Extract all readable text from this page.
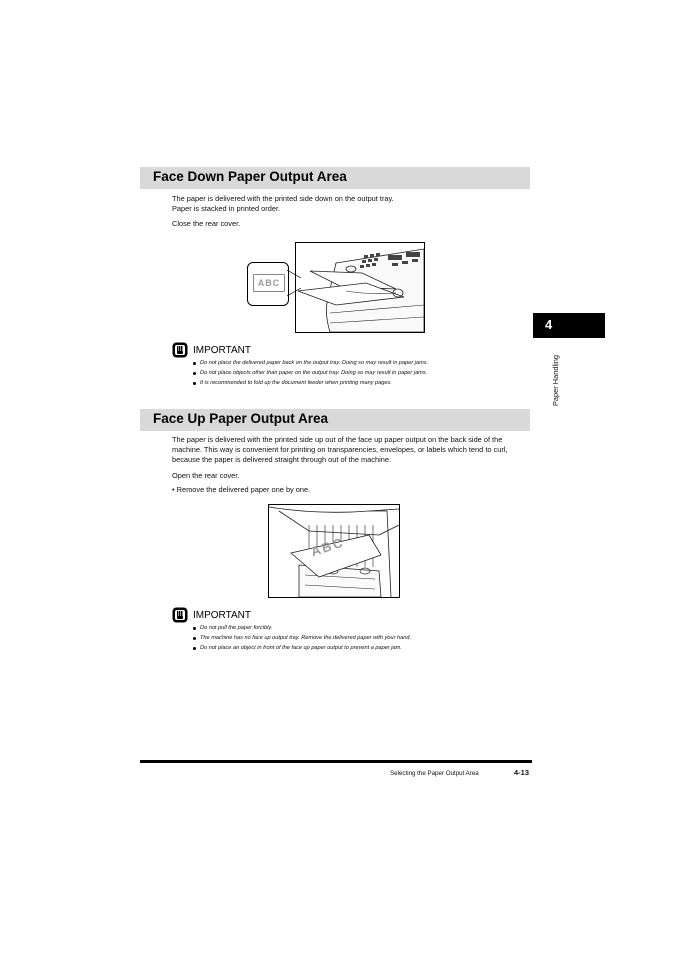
Face Down Paper Output Area
The paper is delivered with the printed side down on the output tray.
Paper is stacked in printed order.
Close the rear cover.
ABC
IMPORTANT
Do not place the delivered paper back on the output tray. Doing so may result in paper jams.
Do not place objects other than paper on the output tray. Doing so may result in paper jams.
It is recommended to fold up the document feeder when printing many pages.
Face Up Paper Output Area
The paper is delivered with the printed side up out of the face up paper output on the back side of the machine. This way is convenient for printing on transparencies, envelopes, or labels which tend to curl, because the paper is delivered straight through out of the machine.
Open the rear cover.
• Remove the delivered paper one by one.
ABC
IMPORTANT
Do not pull the paper forcibly.
The machine has no face up output tray. Remove the delivered paper with your hand.
Do not place an object in front of the face up paper output to prevent a paper jam.
4
Paper Handling
Selecting the Paper Output Area	4-13
